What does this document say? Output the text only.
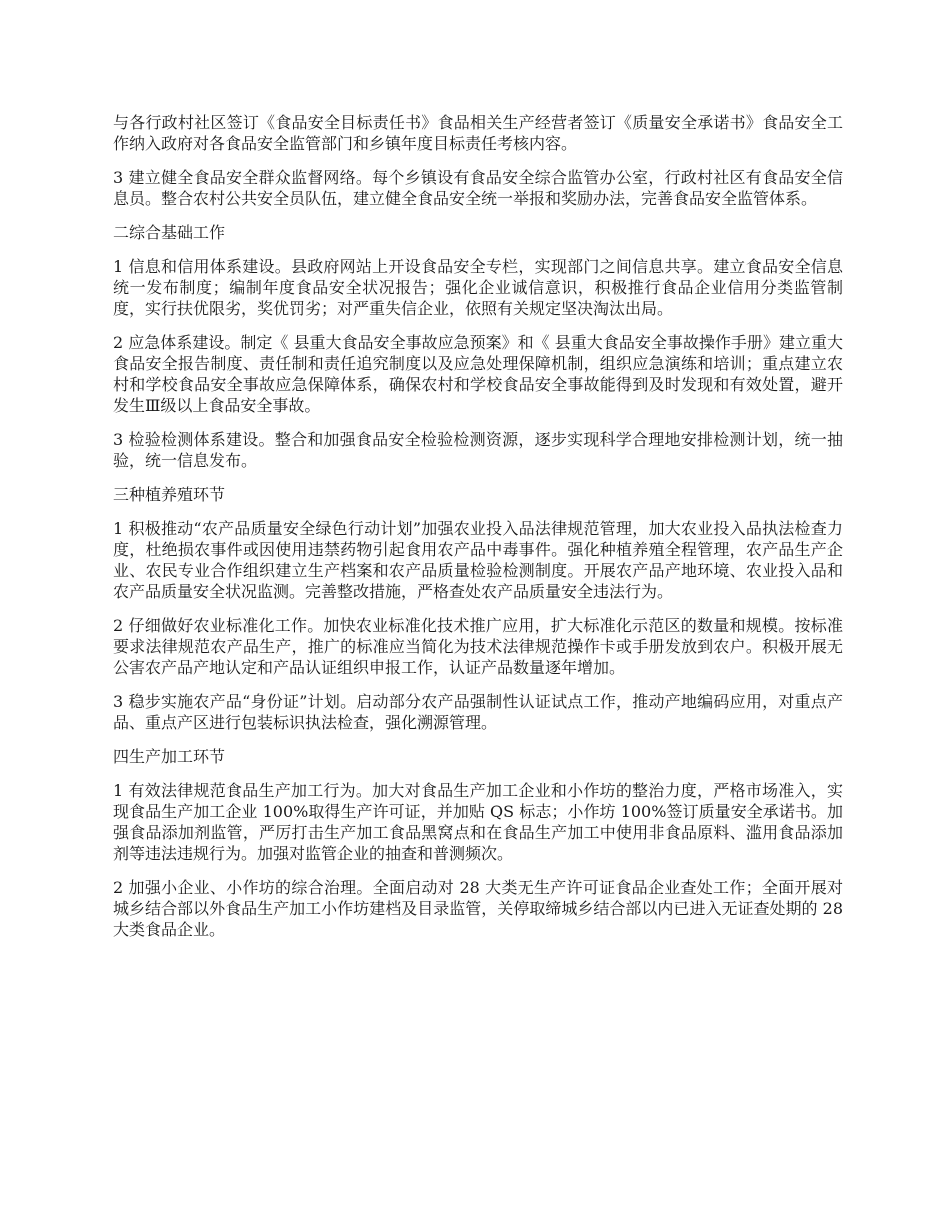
与各行政村社区签订《食品安全目标责任书》食品相关生产经营者签订《质量安全承诺书》食品安全工作纳入政府对各食品安全监管部门和乡镇年度目标责任考核内容。

3 建立健全食品安全群众监督网络。每个乡镇设有食品安全综合监管办公室，行政村社区有食品安全信息员。整合农村公共安全员队伍，建立健全食品安全统一举报和奖励办法，完善食品安全监管体系。

二综合基础工作

1 信息和信用体系建设。县政府网站上开设食品安全专栏，实现部门之间信息共享。建立食品安全信息统一发布制度；编制年度食品安全状况报告；强化企业诚信意识，积极推行食品企业信用分类监管制度，实行扶优限劣，奖优罚劣；对严重失信企业，依照有关规定坚决淘汰出局。

2 应急体系建设。制定《 县重大食品安全事故应急预案》和《 县重大食品安全事故操作手册》建立重大食品安全报告制度、责任制和责任追究制度以及应急处理保障机制，组织应急演练和培训；重点建立农村和学校食品安全事故应急保障体系，确保农村和学校食品安全事故能得到及时发现和有效处置，避开发生Ⅲ级以上食品安全事故。

3 检验检测体系建设。整合和加强食品安全检验检测资源，逐步实现科学合理地安排检测计划，统一抽验，统一信息发布。

三种植养殖环节

1 积极推动“农产品质量安全绿色行动计划”加强农业投入品法律规范管理，加大农业投入品执法检查力度，杜绝损农事件或因使用违禁药物引起食用农产品中毒事件。强化种植养殖全程管理，农产品生产企业、农民专业合作组织建立生产档案和农产品质量检验检测制度。开展农产品产地环境、农业投入品和农产品质量安全状况监测。完善整改措施，严格查处农产品质量安全违法行为。

2 仔细做好农业标准化工作。加快农业标准化技术推广应用，扩大标准化示范区的数量和规模。按标准要求法律规范农产品生产，推广的标准应当简化为技术法律规范操作卡或手册发放到农户。积极开展无公害农产品产地认定和产品认证组织申报工作，认证产品数量逐年增加。

3 稳步实施农产品“身份证”计划。启动部分农产品强制性认证试点工作，推动产地编码应用，对重点产品、重点产区进行包装标识执法检查，强化溯源管理。

四生产加工环节

1 有效法律规范食品生产加工行为。加大对食品生产加工企业和小作坊的整治力度，严格市场准入，实现食品生产加工企业 100%取得生产许可证，并加贴 QS 标志；小作坊 100%签订质量安全承诺书。加强食品添加剂监管，严厉打击生产加工食品黑窝点和在食品生产加工中使用非食品原料、滥用食品添加剂等违法违规行为。加强对监管企业的抽查和普测频次。

2 加强小企业、小作坊的综合治理。全面启动对 28 大类无生产许可证食品企业查处工作；全面开展对城乡结合部以外食品生产加工小作坊建档及目录监管，关停取缔城乡结合部以内已进入无证查处期的 28 大类食品企业。
